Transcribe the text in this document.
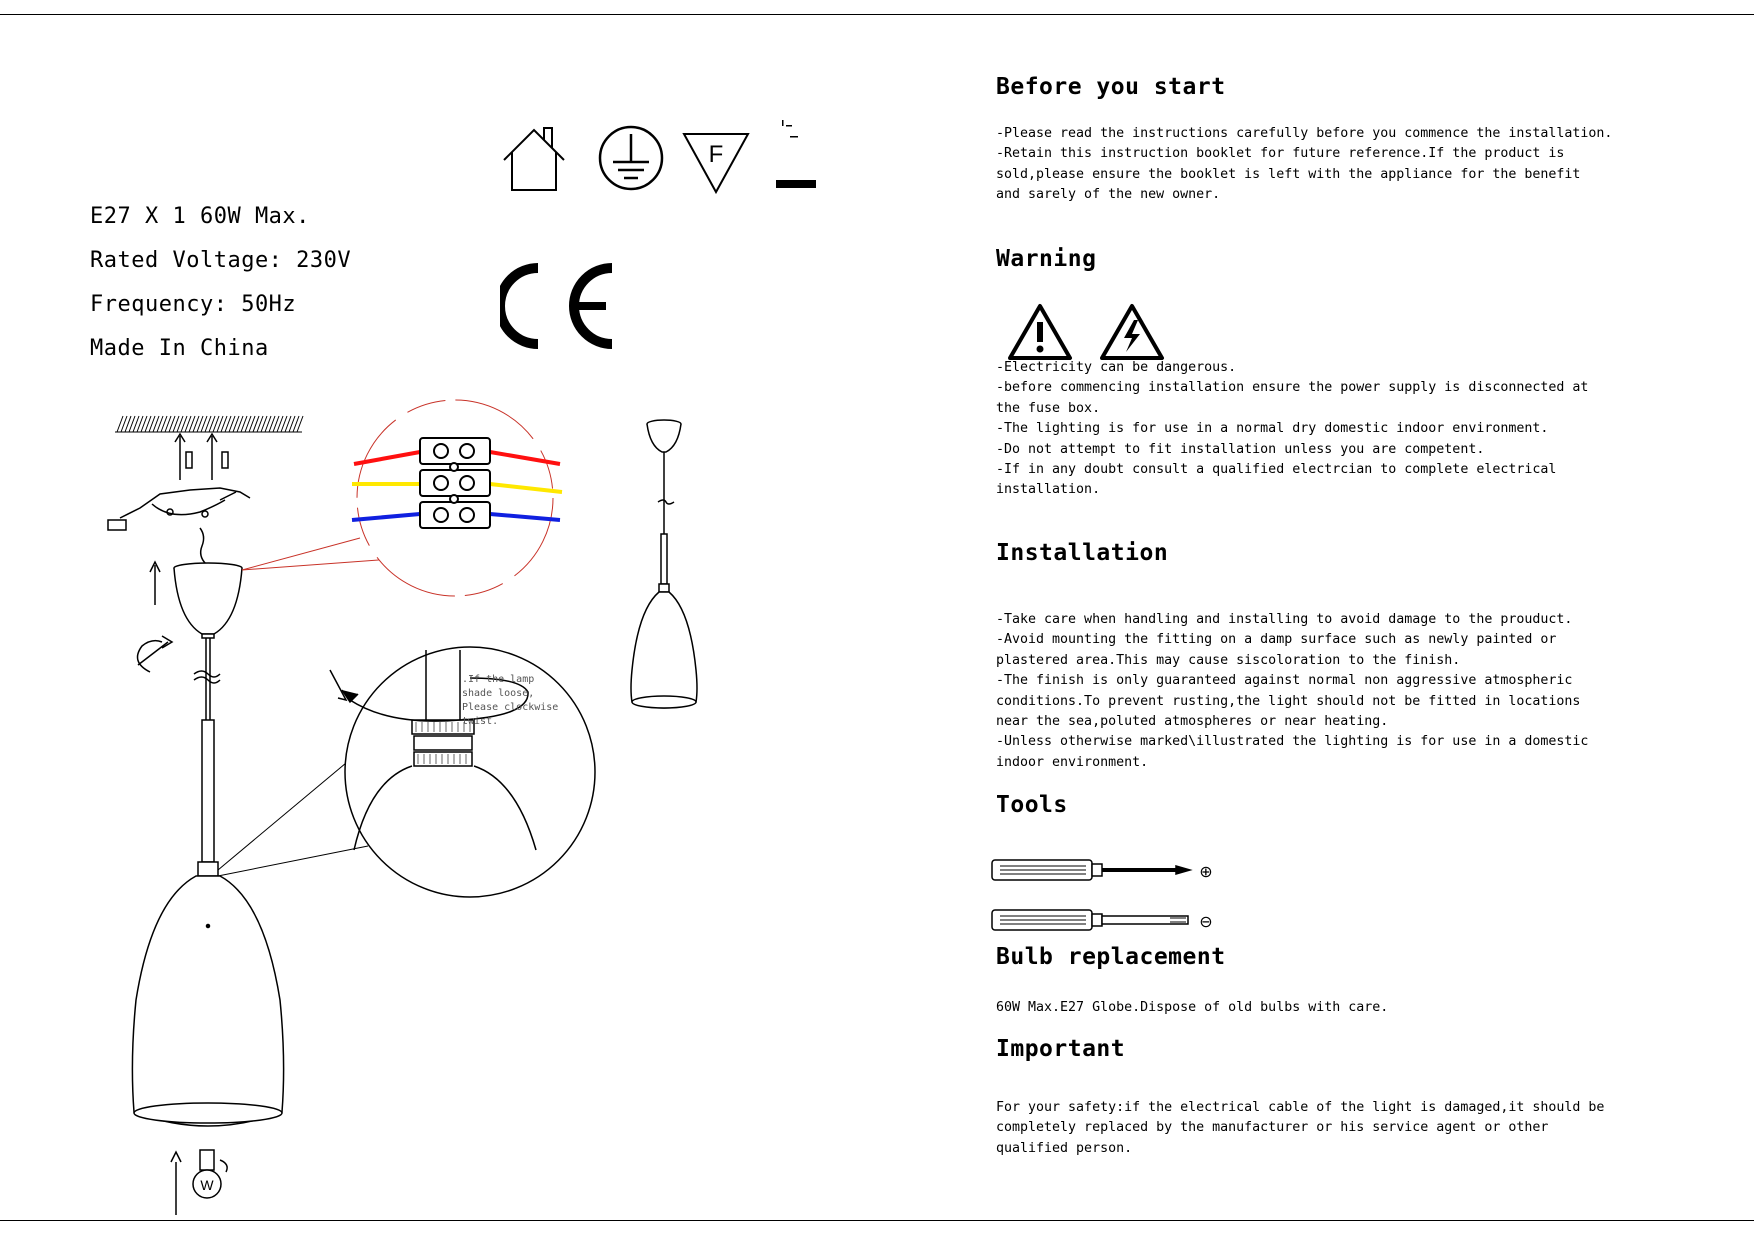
E27 X 1 60W Max.
Rated Voltage: 230V
Frequency: 50Hz
Made In China
F
W
.If the lamp
shade loose,
Please clockwise
twist.
Before you start
-Please read the instructions carefully before you commence the installation.
-Retain this instruction booklet for future reference.If the product is
sold,please ensure the booklet is left with the appliance for the benefit
and sarely of the new owner.
Warning
-Electricity can be dangerous.
-before commencing installation ensure the power supply is disconnected at
the fuse box.
-The lighting is for use in a normal dry domestic indoor environment.
-Do not attempt to fit installation unless you are competent.
-If in any doubt consult a qualified electrcian to complete electrical
installation.
Installation
-Take care when handling and installing to avoid damage to the prouduct.
-Avoid mounting the fitting on a damp surface such as newly painted or
plastered area.This may cause siscoloration to the finish.
-The finish is only guaranteed against normal non aggressive atmospheric
conditions.To prevent rusting,the light should not be fitted in locations
near the sea,poluted atmospheres or near heating.
-Unless otherwise marked\illustrated the lighting is for use in a domestic
indoor environment.
Tools
⊕
⊖
Bulb replacement
60W Max.E27 Globe.Dispose of old bulbs with care.
Important
For your safety:if the electrical cable of the light is damaged,it should be
completely replaced by the manufacturer or his service agent or other
qualified person.
